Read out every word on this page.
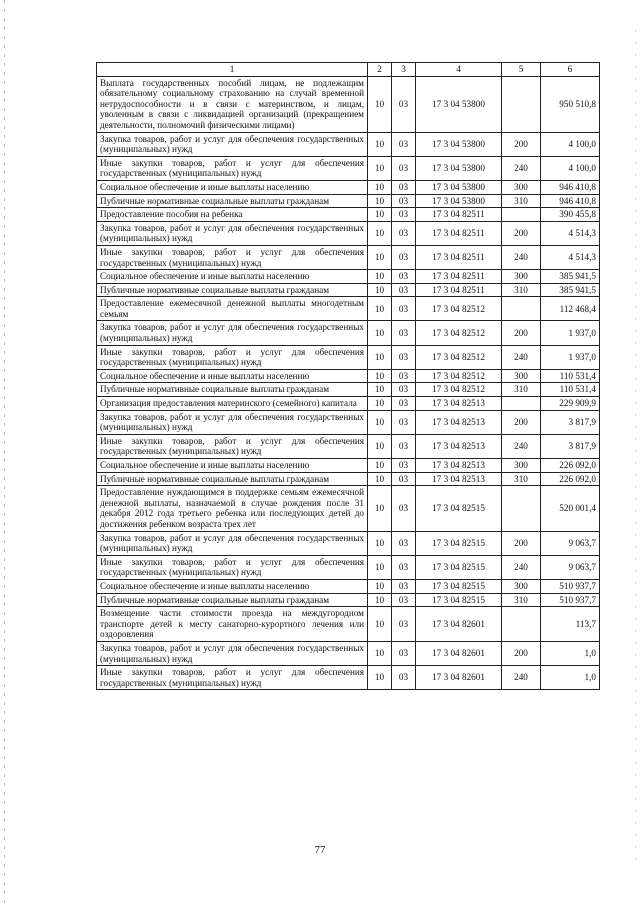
1	2	3	4	5	6
Выплата государственных пособий лицам, не подлежащим обязательному социальному страхованию на случай временной нетрудоспособности и в связи с материнством, и лицам, уволенным в связи с ликвидацией организаций (прекращением деятельности, полномочий физическими лицами)	10	03	17 3 04 53800		950 510,8
Закупка товаров, работ и услуг для обеспечения государственных (муниципальных) нужд	10	03	17 3 04 53800	200	4 100,0
Иные закупки товаров, работ и услуг для обеспечения государственных (муниципальных) нужд	10	03	17 3 04 53800	240	4 100,0
Социальное обеспечение и иные выплаты населению	10	03	17 3 04 53800	300	946 410,8
Публичные нормативные социальные выплаты гражданам	10	03	17 3 04 53800	310	946 410,8
Предоставление пособия на ребенка	10	03	17 3 04 82511		390 455,8
Закупка товаров, работ и услуг для обеспечения государственных (муниципальных) нужд	10	03	17 3 04 82511	200	4 514,3
Иные закупки товаров, работ и услуг для обеспечения государственных (муниципальных) нужд	10	03	17 3 04 82511	240	4 514,3
Социальное обеспечение и иные выплаты населению	10	03	17 3 04 82511	300	385 941,5
Публичные нормативные социальные выплаты гражданам	10	03	17 3 04 82511	310	385 941,5
Предоставление ежемесячной денежной выплаты многодетным семьям	10	03	17 3 04 82512		112 468,4
Закупка товаров, работ и услуг для обеспечения государственных (муниципальных) нужд	10	03	17 3 04 82512	200	1 937,0
Иные закупки товаров, работ и услуг для обеспечения государственных (муниципальных) нужд	10	03	17 3 04 82512	240	1 937,0
Социальное обеспечение и иные выплаты населению	10	03	17 3 04 82512	300	110 531,4
Публичные нормативные социальные выплаты гражданам	10	03	17 3 04 82512	310	110 531,4
Организация предоставления материнского (семейного) капитала	10	03	17 3 04 82513		229 909,9
Закупка товаров, работ и услуг для обеспечения государственных (муниципальных) нужд	10	03	17 3 04 82513	200	3 817,9
Иные закупки товаров, работ и услуг для обеспечения государственных (муниципальных) нужд	10	03	17 3 04 82513	240	3 817,9
Социальное обеспечение и иные выплаты населению	10	03	17 3 04 82513	300	226 092,0
Публичные нормативные социальные выплаты гражданам	10	03	17 3 04 82513	310	226 092,0
Предоставление нуждающимся в поддержке семьям ежемесячной денежной выплаты, назначаемой в случае рождения после 31 декабря 2012 года третьего ребенка или последующих детей до достижения ребенком возраста трех лет	10	03	17 3 04 82515		520 001,4
Закупка товаров, работ и услуг для обеспечения государственных (муниципальных) нужд	10	03	17 3 04 82515	200	9 063,7
Иные закупки товаров, работ и услуг для обеспечения государственных (муниципальных) нужд	10	03	17 3 04 82515	240	9 063,7
Социальное обеспечение и иные выплаты населению	10	03	17 3 04 82515	300	510 937,7
Публичные нормативные социальные выплаты гражданам	10	03	17 3 04 82515	310	510 937,7
Возмещение части стоимости проезда на междугородном транспорте детей к месту санаторно-курортного лечения или оздоровления	10	03	17 3 04 82601		113,7
Закупка товаров, работ и услуг для обеспечения государственных (муниципальных) нужд	10	03	17 3 04 82601	200	1,0
Иные закупки товаров, работ и услуг для обеспечения государственных (муниципальных) нужд	10	03	17 3 04 82601	240	1,0
77
